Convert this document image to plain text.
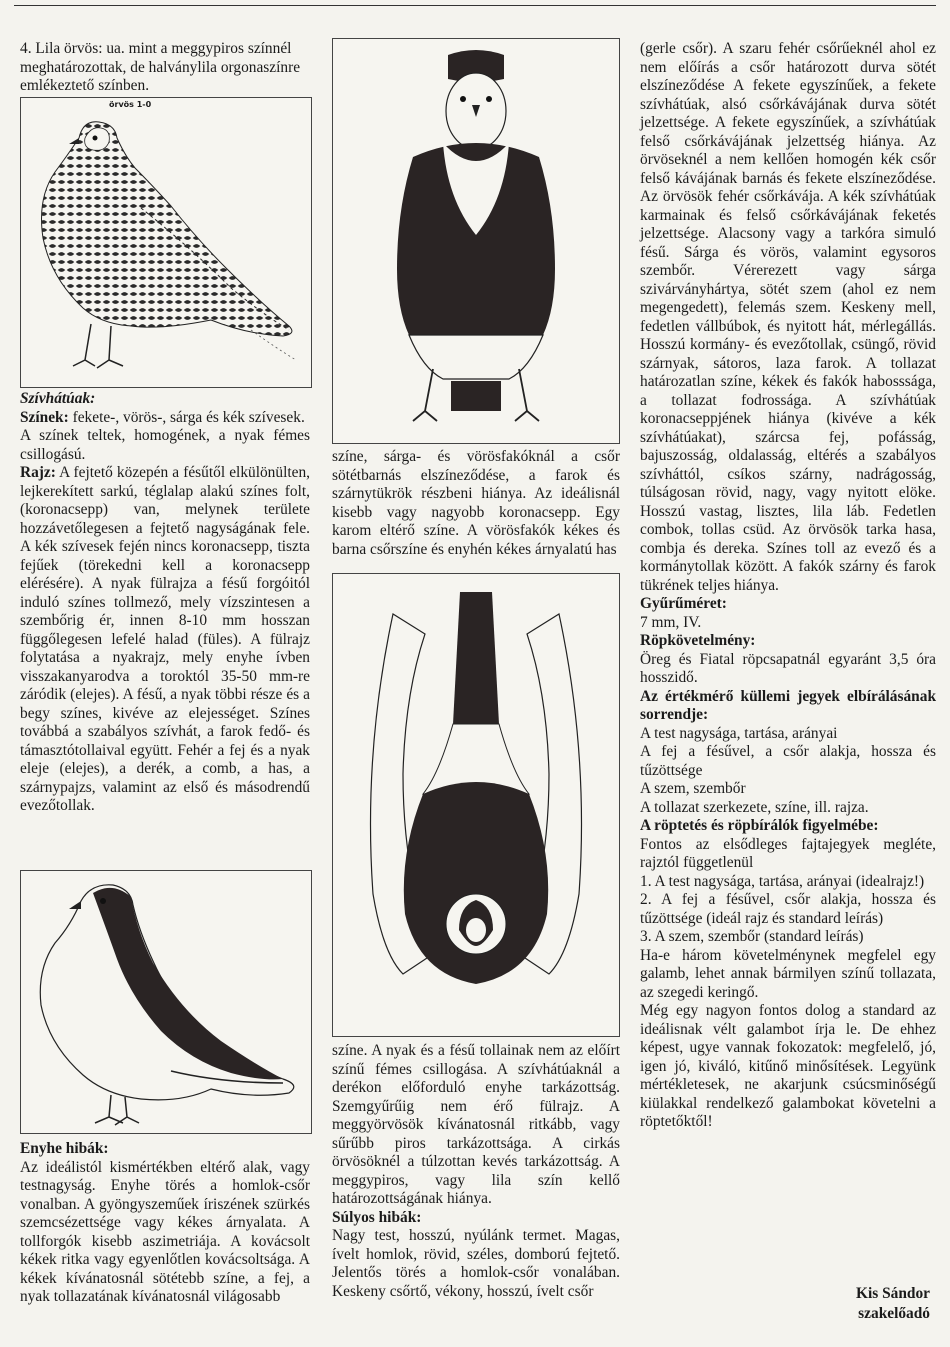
4. Lila örvös: ua. mint a meggypiros színnél meghatározottak, de halványlila orgonaszínre emlékeztető színben.

örvös 1-0

Szívhátúak:

Színek: fekete-, vörös-, sárga és kék szívesek.

A színek teltek, homogének, a nyak fémes csillogású.

Rajz: A fejtető közepén a fésűtől elkülönülten, lejkerekített sarkú, téglalap alakú színes folt, (koronacsepp) van, melynek területe hozzávetőlegesen a fejtető nagyságának fele. A kék szívesek fején nincs koronacsepp, tiszta fejűek (törekedni kell a koronacsepp elérésére). A nyak fülrajza a fésű forgóitól induló színes tollmező, mely vízszintesen a szembőrig ér, innen 8-10 mm hosszan függőlegesen lefelé halad (füles). A fülrajz folytatása a nyakrajz, mely enyhe ívben visszakanyarodva a toroktól 35-50 mm-re záródik (elejes). A fésű, a nyak többi része és a begy színes, kivéve az elejességet. Színes továbbá a szabályos szívhát, a farok fedő- és támasztótollaival együtt. Fehér a fej és a nyak eleje (elejes), a derék, a comb, a has, a szárnypajzs, valamint az első és másodrendű evezőtollak.

Enyhe hibák:

Az ideálistól kismértékben eltérő alak, vagy testnagyság. Enyhe törés a homlok-csőr vonalban. A gyöngyszeműek íriszének szürkés szemcsézettsége vagy kékes árnyalata. A tollforgók kisebb aszimetriája. A kovácsolt kékek ritka vagy egyenlőtlen kovácsoltsága. A kékek kívánatosnál sötétebb színe, a fej, a nyak tollazatának kívánatosnál világosabb

színe, sárga- és vörösfakóknál a csőr sötétbarnás elszíneződése, a farok és szárnytükrök részbeni hiánya. Az ideálisnál kisebb vagy nagyobb koronacsepp. Egy karom eltérő színe. A vörösfakók kékes és barna csőrszíne és enyhén kékes árnyalatú has

színe. A nyak és a fésű tollainak nem az előírt színű fémes csillogása. A szívhátúaknál a derékon előforduló enyhe tarkázottság. Szemgyűrűig nem érő fülrajz. A meggyörvösök kívánatosnál ritkább, vagy sűrűbb piros tarkázottsága. A cirkás örvösöknél a túlzottan kevés tarkázottság. A meggypiros, vagy lila szín kellő határozottságának hiánya.

Súlyos hibák:

Nagy test, hosszú, nyúlánk termet. Magas, ívelt homlok, rövid, széles, domború fejtető. Jelentős törés a homlok-csőr vonalában. Keskeny csőrtő, vékony, hosszú, ívelt csőr

(gerle csőr). A szaru fehér csőrűeknél ahol ez nem előírás a csőr határozott durva sötét elszíneződése A fekete egyszínűek, a fekete szívhátúak, alsó csőrkávájának durva sötét jelzettsége. A fekete egyszínűek, a szívhátúak felső csőrkávájának jelzettség hiánya. Az örvöseknél a nem kellően homogén kék csőr felső kávájának barnás és fekete elszíneződése. Az örvösök fehér csőrkávája. A kék szívhátúak karmainak és felső csőrkávájának feketés jelzettsége. Alacsony vagy a tarkóra simuló fésű. Sárga és vörös, valamint egysoros szembőr. Vérerezett vagy sárga szivárványhártya, sötét szem (ahol ez nem megengedett), felemás szem. Keskeny mell, fedetlen vállbúbok, és nyitott hát, mérlegállás. Hosszú kormány- és evezőtollak, csüngő, rövid szárnyak, sátoros, laza farok. A tollazat határozatlan színe, kékek és fakók habosssága, a tollazat fodrossága. A szívhátúak koronacseppjének hiánya (kivéve a kék szívhátúakat), szárcsa fej, pofásság, bajuszosság, oldalasság, eltérés a szabályos szívháttól, csíkos szárny, nadrágosság, túlságosan rövid, nagy, vagy nyitott elöke. Hosszú vastag, lisztes, lila láb. Fedetlen combok, tollas csüd. Az örvösök tarka hasa, combja és dereka. Színes toll az evező és a kormánytollak között. A fakók szárny és farok tükrének teljes hiánya.

Gyűrűméret:

7 mm, IV.

Röpkövetelmény:

Öreg és Fiatal röpcsapatnál egyaránt 3,5 óra hosszidő.

Az értékmérő küllemi jegyek elbírálásának sorrendje:

A test nagysága, tartása, arányai

A fej a fésűvel, a csőr alakja, hossza és tűzöttsége

A szem, szembőr

A tollazat szerkezete, színe, ill. rajza.

A röptetés és röpbírálók figyelmébe:

Fontos az elsődleges fajtajegyek megléte, rajztól függetlenül

1. A test nagysága, tartása, arányai (idealrajz!)

2. A fej a fésűvel, csőr alakja, hossza és tűzöttsége (ideál rajz és standard leírás)

3. A szem, szembőr (standard leírás)

Ha-e három követelménynek megfelel egy galamb, lehet annak bármilyen színű tollazata, az szegedi keringő.

Még egy nagyon fontos dolog a standard az ideálisnak vélt galambot írja le. De ehhez képest, ugye vannak fokozatok: megfelelő, jó, igen jó, kiváló, kitűnő minősítések. Legyünk mértékletesek, ne akarjunk csúcsminőségű kiülakkal rendelkező galambokat követelni a röptetőktől!

Kis Sándor

szakelőadó
